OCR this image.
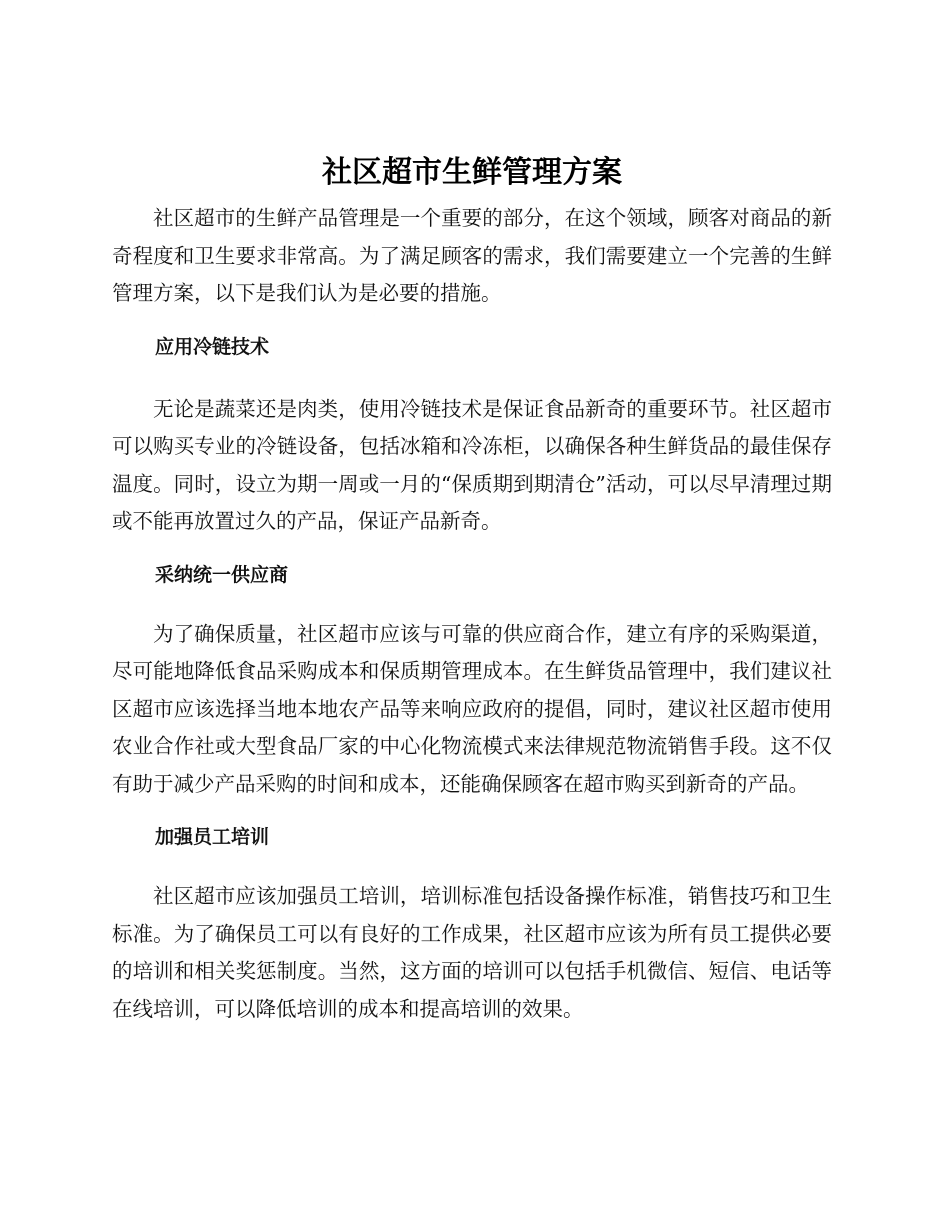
社区超市生鲜管理方案

社区超市的生鲜产品管理是一个重要的部分，在这个领域，顾客对商品的新奇程度和卫生要求非常高。为了满足顾客的需求，我们需要建立一个完善的生鲜管理方案，以下是我们认为是必要的措施。

应用冷链技术

无论是蔬菜还是肉类，使用冷链技术是保证食品新奇的重要环节。社区超市可以购买专业的冷链设备，包括冰箱和冷冻柜，以确保各种生鲜货品的最佳保存温度。同时，设立为期一周或一月的“保质期到期清仓”活动，可以尽早清理过期或不能再放置过久的产品，保证产品新奇。

采纳统一供应商

为了确保质量，社区超市应该与可靠的供应商合作，建立有序的采购渠道，尽可能地降低食品采购成本和保质期管理成本。在生鲜货品管理中，我们建议社区超市应该选择当地本地农产品等来响应政府的提倡，同时，建议社区超市使用农业合作社或大型食品厂家的中心化物流模式来法律规范物流销售手段。这不仅有助于减少产品采购的时间和成本，还能确保顾客在超市购买到新奇的产品。

加强员工培训

社区超市应该加强员工培训，培训标准包括设备操作标准，销售技巧和卫生标准。为了确保员工可以有良好的工作成果，社区超市应该为所有员工提供必要的培训和相关奖惩制度。当然，这方面的培训可以包括手机微信、短信、电话等在线培训，可以降低培训的成本和提高培训的效果。
